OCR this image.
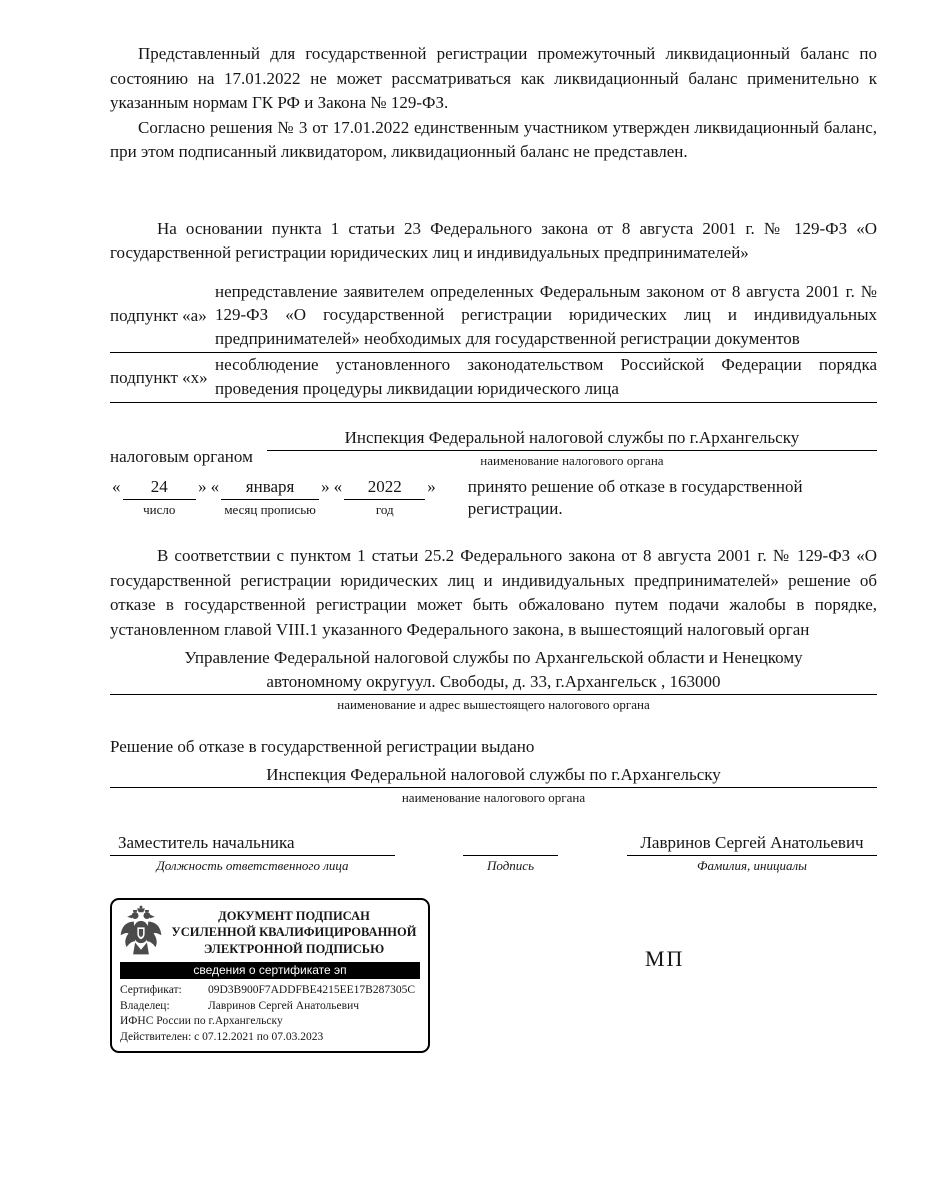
Представленный для государственной регистрации промежуточный ликвидационный баланс по состоянию на 17.01.2022 не может рассматриваться как ликвидационный баланс применительно к указанным нормам ГК РФ и Закона № 129-ФЗ.

Согласно решения № 3 от 17.01.2022 единственным участником утвержден ликвидационный баланс, при этом подписанный ликвидатором, ликвидационный баланс не представлен.

На основании пункта 1 статьи 23 Федерального закона от 8 августа 2001 г. № 129-ФЗ «О государственной регистрации юридических лиц и индивидуальных предпринимателей»

подпункт «а»
непредставление заявителем определенных Федеральным законом от 8 августа 2001 г. № 129-ФЗ «О государственной регистрации юридических лиц и индивидуальных предпринимателей» необходимых для государственной регистрации документов
подпункт «х»
несоблюдение установленного законодательством Российской Федерации порядка проведения процедуры ликвидации юридического лица
налоговым органом
Инспекция Федеральной налоговой службы по г.Архангельску
наименование налогового органа
«	24
число
» «	января
месяц прописью
» «	2022
год
» принято решение об отказе в государственной регистрации.

В соответствии с пунктом 1 статьи 25.2 Федерального закона от 8 августа 2001 г. № 129-ФЗ «О государственной регистрации юридических лиц и индивидуальных предпринимателей» решение об отказе в государственной регистрации может быть обжаловано путем подачи жалобы в порядке, установленном главой VIII.1 указанного Федерального закона, в вышестоящий налоговый орган

Управление Федеральной налоговой службы по Архангельской области и Ненецкому
автономному округуул. Свободы, д. 33, г.Архангельск , 163000
наименование и адрес вышестоящего налогового органа
Решение об отказе в государственной регистрации выдано
Инспекция Федеральной налоговой службы по г.Архангельску
наименование налогового органа
Заместитель начальника
Должность ответственного лица
	Подпись
Лавринов Сергей Анатольевич
Фамилия, инициалы
ДОКУМЕНТ ПОДПИСАН
УСИЛЕННОЙ КВАЛИФИЦИРОВАННОЙ
ЭЛЕКТРОННОЙ ПОДПИСЬЮ
сведения о сертификате эп
Сертификат: 09D3B900F7ADDFBE4215EE17B287305C
Владелец:	Лавринов Сергей Анатольевич
ИФНС России по г.Архангельску
Действителен: с 07.12.2021 по 07.03.2023
МП
